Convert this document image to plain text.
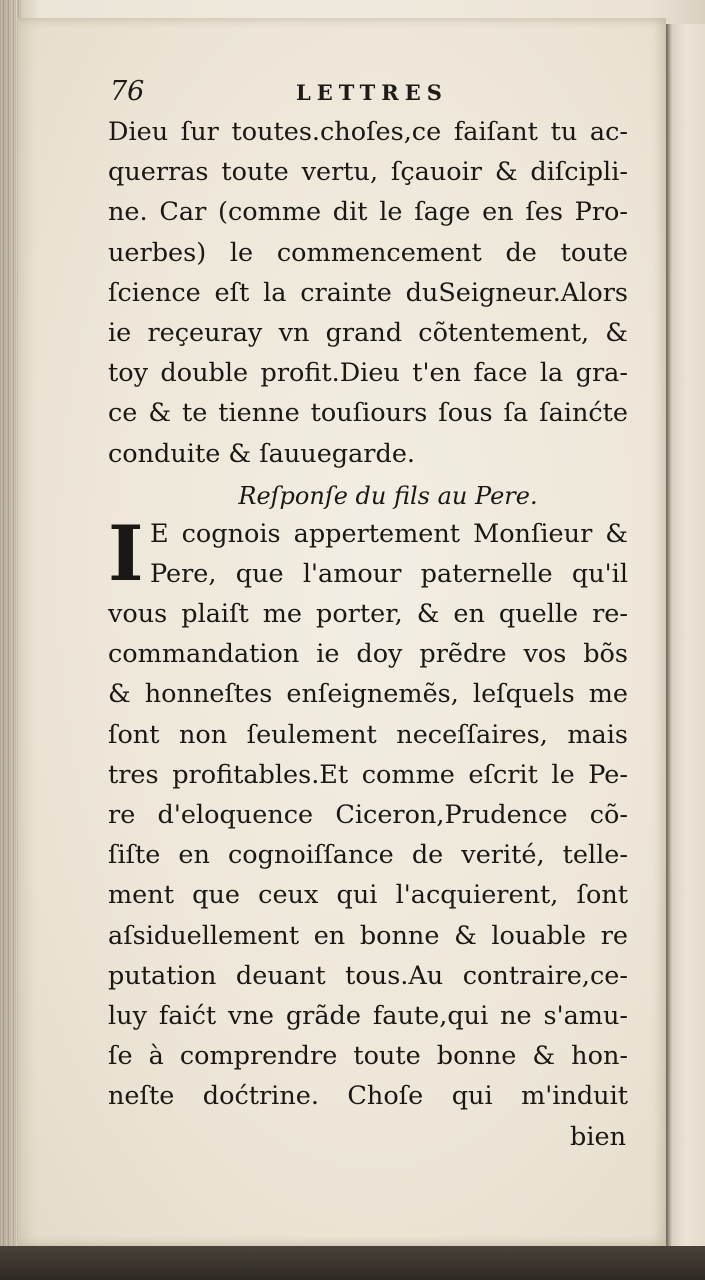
76	LETTRES
Dieu ſur toutes.choſes,ce faiſant tu ac-
querras toute vertu, ſçauoir & diſcipli-
ne. Car (comme dit le ſage en ſes Pro-
uerbes) le commencement de toute
ſcience eſt la crainte duSeigneur.Alors
ie reçeuray vn grand cõtentement, &
toy double profit.Dieu t'en face la gra-
ce & te tienne touſiours ſous ſa ſainćte
conduite & ſauuegarde.
Reſponſe du fils au Pere.
I E cognois appertement Monſieur &
Pere, que l'amour paternelle qu'il
vous plaiſt me porter, & en quelle re-
commandation ie doy prẽdre vos bõs
& honneſtes enſeignemẽs, leſquels me
ſont non ſeulement neceſſaires, mais
tres profitables.Et comme eſcrit le Pe-
re d'eloquence Ciceron,Prudence cõ-
ſiſte en cognoiſſance de verité, telle-
ment que ceux qui l'acquierent, ſont
aſsiduellement en bonne & louable re
putation deuant tous.Au contraire,ce-
luy faićt vne grãde faute,qui ne s'amu-
ſe à comprendre toute bonne & hon-
neſte doćtrine. Choſe qui m'induit
bien
